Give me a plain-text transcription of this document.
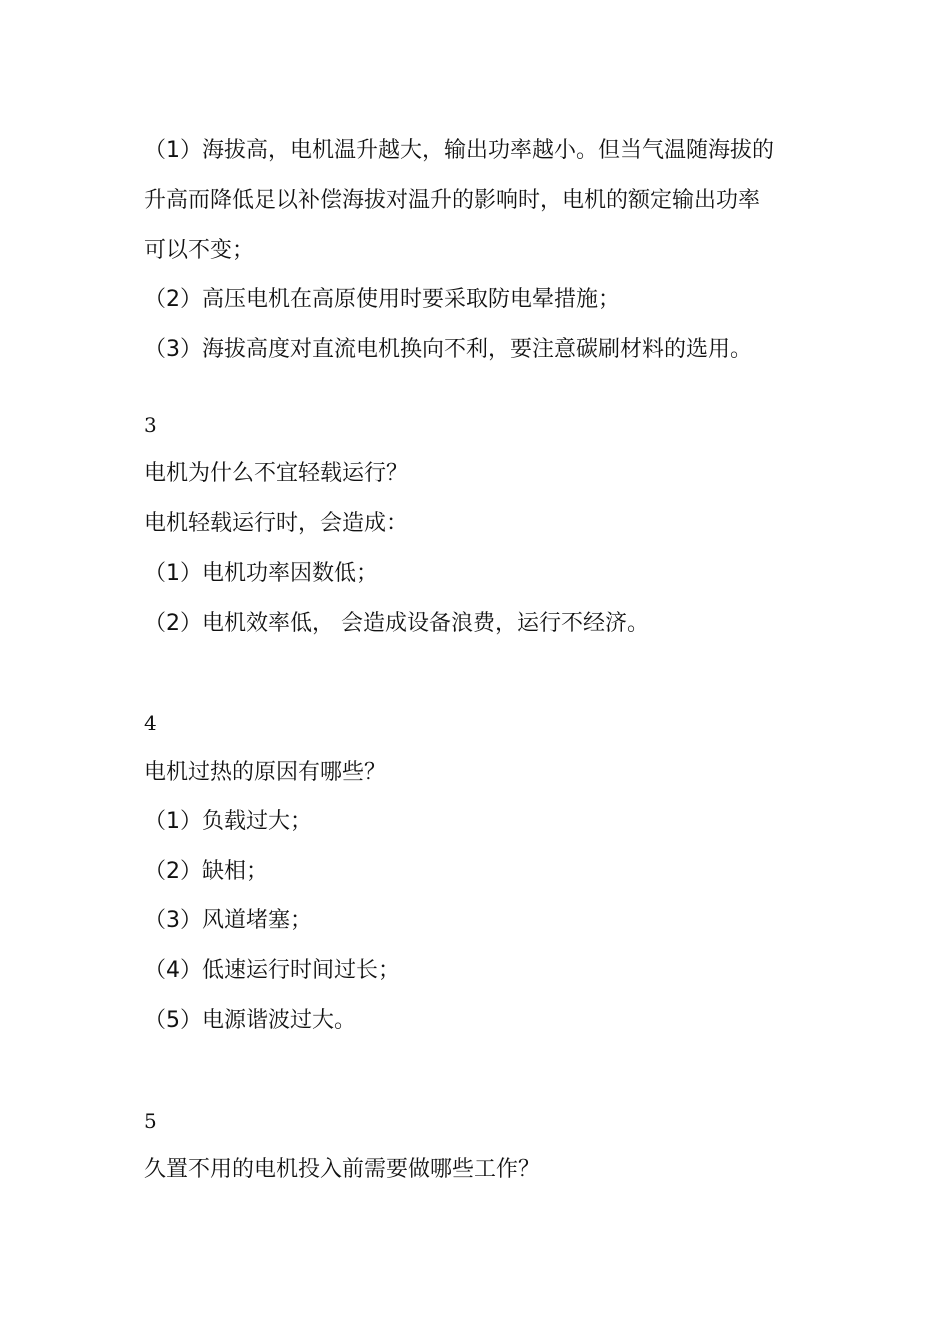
（1）海拔高，电机温升越大，输出功率越小。但当气温随海拔的
升高而降低足以补偿海拔对温升的影响时，电机的额定输出功率
可以不变；
（2）高压电机在高原使用时要采取防电晕措施；
（3）海拔高度对直流电机换向不利，要注意碳刷材料的选用。
3
电机为什么不宜轻载运行？
电机轻载运行时，会造成：
（1）电机功率因数低；
（2）电机效率低， 会造成设备浪费，运行不经济。
4
电机过热的原因有哪些？
（1）负载过大；
（2）缺相；
（3）风道堵塞；
（4）低速运行时间过长；
（5）电源谐波过大。
5
久置不用的电机投入前需要做哪些工作？
